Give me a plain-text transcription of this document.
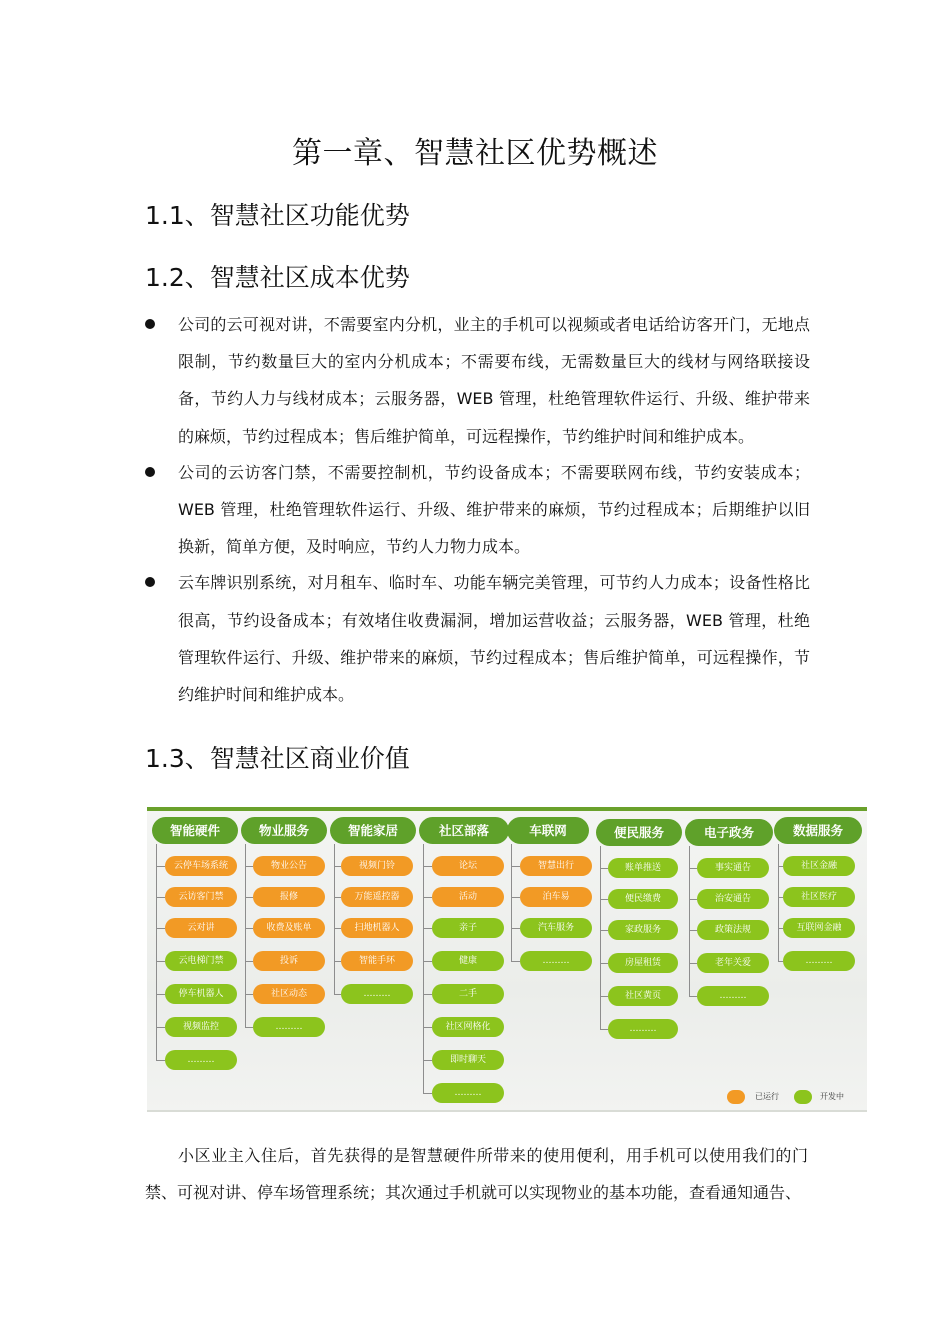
第一章、智慧社区优势概述
1.1、智慧社区功能优势
1.2、智慧社区成本优势
公司的云可视对讲，不需要室内分机，业主的手机可以视频或者电话给访客开门，无地点限制，节约数量巨大的室内分机成本；不需要布线，无需数量巨大的线材与网络联接设备，节约人力与线材成本；云服务器，WEB 管理，杜绝管理软件运行、升级、维护带来的麻烦，节约过程成本；售后维护简单，可远程操作，节约维护时间和维护成本。
公司的云访客门禁，不需要控制机，节约设备成本；不需要联网布线，节约安装成本；WEB 管理，杜绝管理软件运行、升级、维护带来的麻烦，节约过程成本；后期维护以旧换新，简单方便，及时响应，节约人力物力成本。
云车牌识别系统，对月租车、临时车、功能车辆完美管理，可节约人力成本；设备性格比很高，节约设备成本；有效堵住收费漏洞，增加运营收益；云服务器，WEB 管理，杜绝管理软件运行、升级、维护带来的麻烦，节约过程成本；售后维护简单，可远程操作，节约维护时间和维护成本。
1.3、智慧社区商业价值
智能硬件
云停车场系统
云访客门禁
云对讲
云电梯门禁
停车机器人
视频监控
………
物业服务
物业公告
报修
收费及账单
投诉
社区动态
………
智能家居
视频门铃
万能遥控器
扫地机器人
智能手环
………
社区部落
论坛
活动
亲子
健康
二手
社区网格化
即时聊天
………
车联网
智慧出行
泊车易
汽车服务
………
便民服务
账单推送
便民缴费
家政服务
房屋租赁
社区黄页
………
电子政务
事实通告
治安通告
政策法规
老年关爱
………
数据服务
社区金融
社区医疗
互联网金融
………
已运行	开发中

小区业主入住后，首先获得的是智慧硬件所带来的使用便利，用手机可以使用我们的门禁、可视对讲、停车场管理系统；其次通过手机就可以实现物业的基本功能，查看通知通告、
